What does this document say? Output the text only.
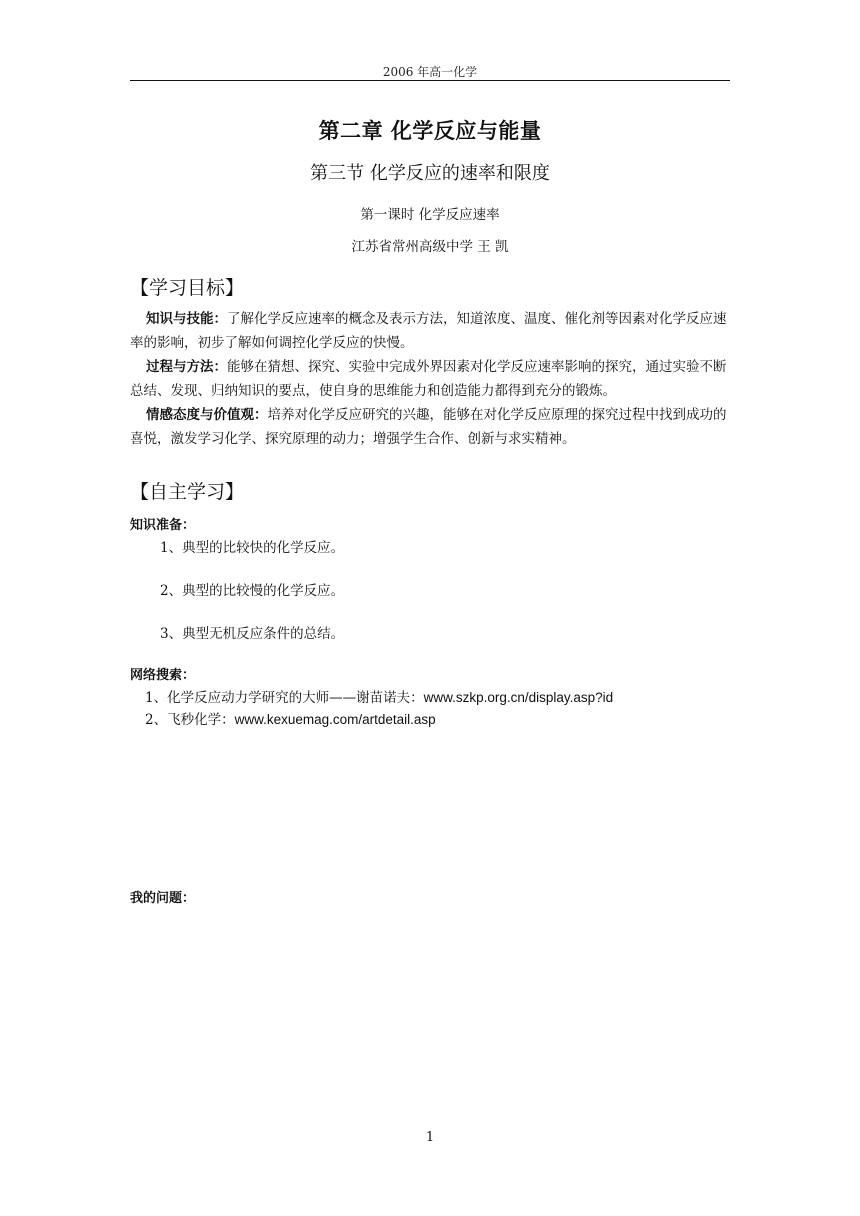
2006 年高一化学
第二章 化学反应与能量
第三节 化学反应的速率和限度
第一课时 化学反应速率
江苏省常州高级中学 王 凯
【学习目标】
知识与技能：了解化学反应速率的概念及表示方法，知道浓度、温度、催化剂等因素对化学反应速率的影响，初步了解如何调控化学反应的快慢。
过程与方法：能够在猜想、探究、实验中完成外界因素对化学反应速率影响的探究，通过实验不断总结、发现、归纳知识的要点，使自身的思维能力和创造能力都得到充分的锻炼。
情感态度与价值观：培养对化学反应研究的兴趣，能够在对化学反应原理的探究过程中找到成功的喜悦，激发学习化学、探究原理的动力；增强学生合作、创新与求实精神。
【自主学习】
知识准备：
1、典型的比较快的化学反应。
2、典型的比较慢的化学反应。
3、典型无机反应条件的总结。
网络搜索：
1、化学反应动力学研究的大师——谢苗诺夫：www.szkp.org.cn/display.asp?id
2、飞秒化学：www.kexuemag.com/artdetail.asp
我的问题：
1
